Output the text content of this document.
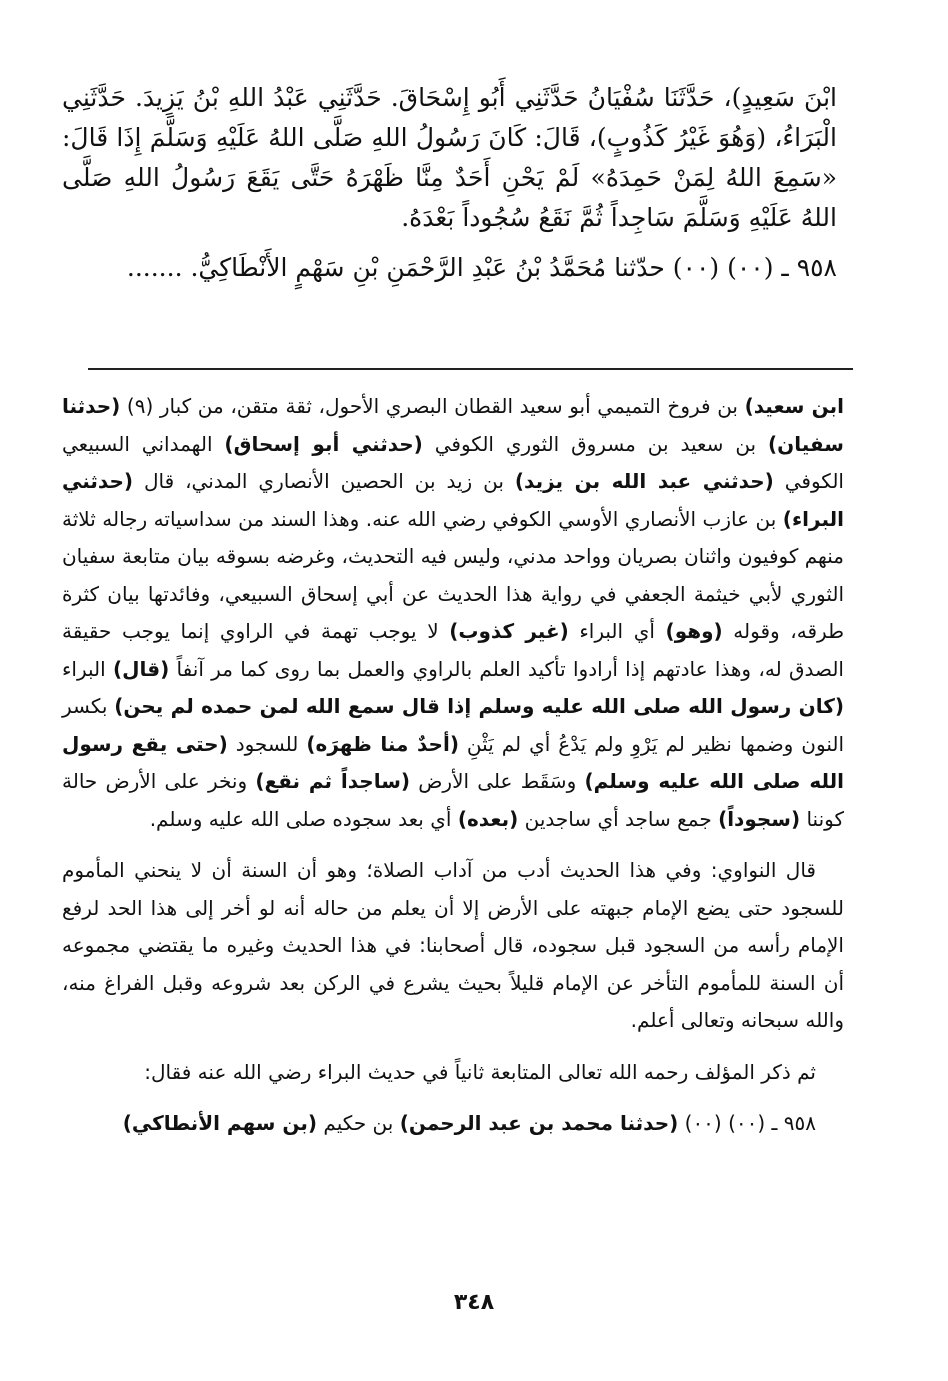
ابْنَ سَعِيدٍ)، حَدَّثَنَا سُفْيَانُ حَدَّثَنِي أَبُو إِسْحَاقَ. حَدَّثَنِي عَبْدُ اللهِ بْنُ يَزِيدَ. حَدَّثَنِي الْبَرَاءُ، (وَهُوَ غَيْرُ كَذُوبٍ)، قَالَ: كَانَ رَسُولُ اللهِ صَلَّى اللهُ عَلَيْهِ وَسَلَّمَ إِذَا قَالَ: «سَمِعَ اللهُ لِمَنْ حَمِدَهُ» لَمْ يَحْنِ أَحَدٌ مِنَّا ظَهْرَهُ حَتَّى يَقَعَ رَسُولُ اللهِ صَلَّى اللهُ عَلَيْهِ وَسَلَّمَ سَاجِداً ثُمَّ نَقَعُ سُجُوداً بَعْدَهُ.

٩٥٨ ـ (٠٠) (٠٠) حدّثنا مُحَمَّدُ بْنُ عَبْدِ الرَّحْمَنِ بْنِ سَهْمٍ الأَنْطَاكِيُّ. .......

ابن سعيد) بن فروخ التميمي أبو سعيد القطان البصري الأحول، ثقة متقن، من كبار (٩) (حدثنا سفيان) بن سعيد بن مسروق الثوري الكوفي (حدثني أبو إسحاق) الهمداني السبيعي الكوفي (حدثني عبد الله بن يزيد) بن زيد بن الحصين الأنصاري المدني، قال (حدثني البراء) بن عازب الأنصاري الأوسي الكوفي رضي الله عنه. وهذا السند من سداسياته رجاله ثلاثة منهم كوفيون واثنان بصريان وواحد مدني، وليس فيه التحديث، وغرضه بسوقه بيان متابعة سفيان الثوري لأبي خيثمة الجعفي في رواية هذا الحديث عن أبي إسحاق السبيعي، وفائدتها بيان كثرة طرقه، وقوله (وهو) أي البراء (غير كذوب) لا يوجب تهمة في الراوي إنما يوجب حقيقة الصدق له، وهذا عادتهم إذا أرادوا تأكيد العلم بالراوي والعمل بما روى كما مر آنفاً (قال) البراء (كان رسول الله صلى الله عليه وسلم إذا قال سمع الله لمن حمده لم يحن) بكسر النون وضمها نظير لم يَرْوِ ولم يَدْعُ أي لم يَثْنِ (أحدٌ منا ظهرَه) للسجود (حتى يقع رسول الله صلى الله عليه وسلم) وسَقَط على الأرض (ساجداً ثم نقع) ونخر على الأرض حالة كوننا (سجوداً) جمع ساجد أي ساجدين (بعده) أي بعد سجوده صلى الله عليه وسلم.

قال النواوي: وفي هذا الحديث أدب من آداب الصلاة؛ وهو أن السنة أن لا ينحني المأموم للسجود حتى يضع الإمام جبهته على الأرض إلا أن يعلم من حاله أنه لو أخر إلى هذا الحد لرفع الإمام رأسه من السجود قبل سجوده، قال أصحابنا: في هذا الحديث وغيره ما يقتضي مجموعه أن السنة للمأموم التأخر عن الإمام قليلاً بحيث يشرع في الركن بعد شروعه وقبل الفراغ منه، والله سبحانه وتعالى أعلم.

ثم ذكر المؤلف رحمه الله تعالى المتابعة ثانياً في حديث البراء رضي الله عنه فقال:

٩٥٨ ـ (٠٠) (٠٠) (حدثنا محمد بن عبد الرحمن) بن حكيم (بن سهم الأنطاكي)

٣٤٨
